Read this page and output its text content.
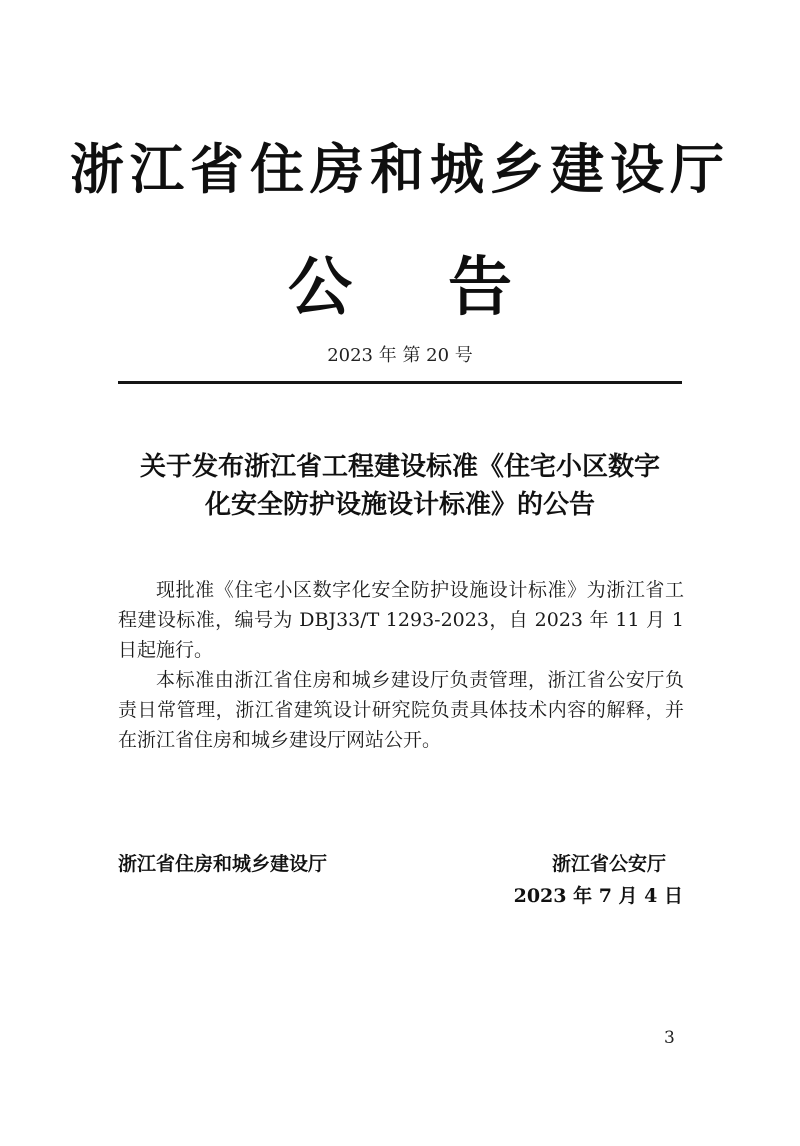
浙江省住房和城乡建设厅
公 告
2023 年 第 20 号
关于发布浙江省工程建设标准《住宅小区数字
化安全防护设施设计标准》的公告

现批准《住宅小区数字化安全防护设施设计标准》为浙江省工程建设标准，编号为 DBJ33/T 1293-2023，自 2023 年 11 月 1 日起施行。

本标准由浙江省住房和城乡建设厅负责管理，浙江省公安厅负责日常管理，浙江省建筑设计研究院负责具体技术内容的解释，并在浙江省住房和城乡建设厅网站公开。

浙江省住房和城乡建设厅	浙江省公安厅
2023 年 7 月 4 日
3
